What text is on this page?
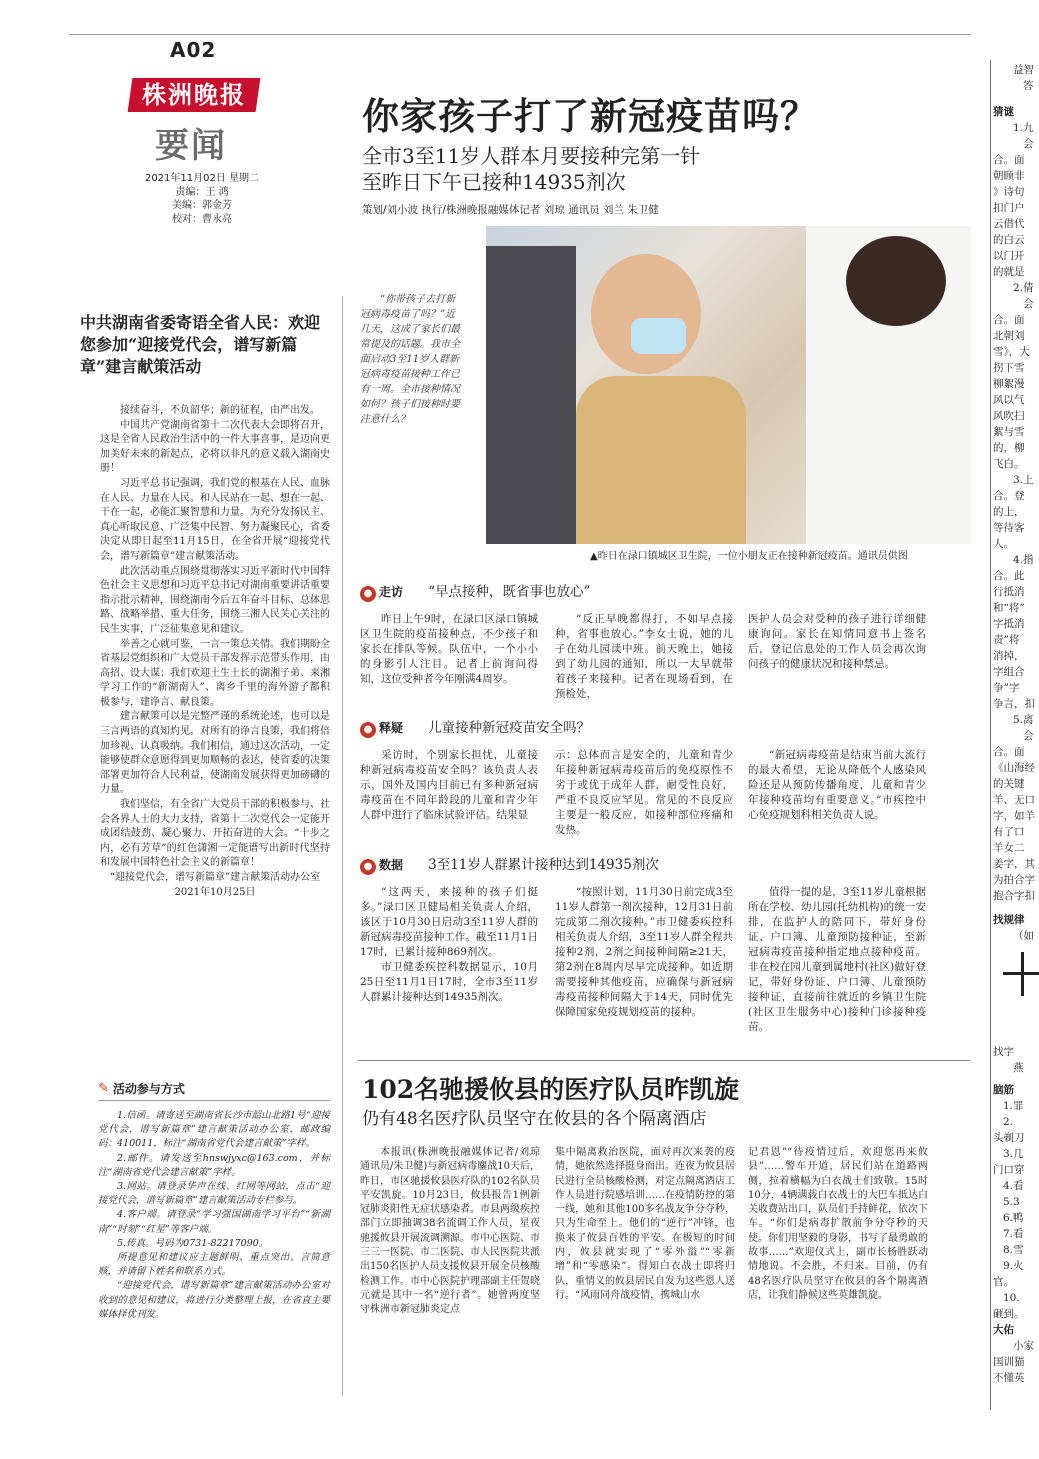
A02
株洲晚报
要闻
2021年11月02日 星期二
责编：王 鸿
美编：郭金芳
校对：曹永亮
你家孩子打了新冠疫苗吗？
全市3至11岁人群本月要接种完第一针
至昨日下午已接种14935剂次
策划/刘小波 执行/株洲晚报融媒体记者 刘琼 通讯员 刘兰 朱卫健
“你带孩子去打新冠病毒疫苗了吗？”近几天，这成了家长们最常提及的话题。我市全面启动3至11岁人群新冠病毒疫苗接种工作已有一周。全市接种情况如何？孩子们接种时要注意什么？
▲昨日在渌口镇城区卫生院，一位小朋友正在接种新冠疫苗。通讯员供图
● 走访 “早点接种，既省事也放心”

昨日上午9时，在渌口区渌口镇城区卫生院的疫苗接种点，不少孩子和家长在排队等候。队伍中，一个小小的身影引人注目。记者上前询问得知，这位受种者今年刚满4周岁。

“反正早晚都得打，不如早点接种，省事也放心。”李女士说，她的儿子在幼儿园读中班。前天晚上，她接到了幼儿园的通知，所以一大早就带着孩子来接种。记者在现场看到，在预检处，

医护人员会对受种的孩子进行详细健康询问。家长在知情同意书上签名后，登记信息处的工作人员会再次询问孩子的健康状况和接种禁忌。

● 释疑 儿童接种新冠疫苗安全吗？

采访时，个别家长担忧，儿童接种新冠病毒疫苗安全吗？该负责人表示，国外及国内目前已有多种新冠病毒疫苗在不同年龄段的儿童和青少年人群中进行了临床试验评估。结果显

示：总体而言是安全的，儿童和青少年接种新冠病毒疫苗后的免疫原性不劣于或优于成年人群，耐受性良好，严重不良反应罕见。常见的不良反应主要是一般反应，如接种部位疼痛和发热。

“新冠病毒疫苗是结束当前大流行的最大希望，无论从降低个人感染风险还是从预防传播角度，儿童和青少年接种疫苗均有重要意义。”市疾控中心免疫规划科相关负责人说。

● 数据 3至11岁人群累计接种达到14935剂次

“这两天，来接种的孩子们挺多。”渌口区卫健局相关负责人介绍，该区于10月30日启动3至11岁人群的新冠病毒疫苗接种工作。截至11月1日17时，已累计接种869剂次。

市卫健委疾控科数据显示，10月25日至11月1日17时，全市3至11岁人群累计接种达到14935剂次。

“按照计划，11月30日前完成3至11岁人群第一剂次接种，12月31日前完成第二剂次接种。”市卫健委疾控科相关负责人介绍，3至11岁人群全程共接种2剂，2剂之间接种间隔≥21天，第2剂在8周内尽早完成接种。如近期需要接种其他疫苗，应确保与新冠病毒疫苗接种间隔大于14天，同时优先保障国家免疫规划疫苗的接种。

值得一提的是，3至11岁儿童根据所在学校、幼儿园(托幼机构)的统一安排，在监护人的陪同下，带好身份证、户口簿、儿童预防接种证，至新冠病毒疫苗接种指定地点接种疫苗。非在校在园儿童到属地村(社区)做好登记，带好身份证、户口簿、儿童预防接种证，直接前往就近的乡镇卫生院(社区卫生服务中心)接种门诊接种疫苗。

中共湖南省委寄语全省人民：欢迎您参加“迎接党代会，谱写新篇章”建言献策活动

接续奋斗，不负韶华；新的征程，由严出发。

中国共产党湖南省第十二次代表大会即将召开，这是全省人民政治生活中的一件大事喜事，是迈向更加美好未来的新起点，必将以非凡的意义载入湖南史册！

习近平总书记强调，我们党的根基在人民、血脉在人民、力量在人民。和人民站在一起、想在一起、干在一起，必能汇聚智慧和力量。为充分发扬民主、真心听取民意、广泛集中民智、努力凝聚民心，省委决定从即日起至11月15日，在全省开展“迎接党代会，谱写新篇章”建言献策活动。

此次活动重点围绕贯彻落实习近平新时代中国特色社会主义思想和习近平总书记对湖南重要讲话重要指示批示精神，围绕湖南今后五年奋斗目标、总体思路、战略举措、重大任务，围绕三湘人民关心关注的民生实事，广泛征集意见和建议。

举善之心就可鉴，一言一策总关情。我们期盼全省基层党组织和广大党员干部发挥示范带头作用，由高招、设大谋；我们欢迎土生土长的湖湘子弟、来湘学习工作的“新湖南人”、离乡千里的海外游子都积极参与，建诤言、献良策。

建言献策可以是完整严谨的系统论述，也可以是三言两语的真知灼见。对所有的诤言良策，我们将倍加珍视、认真吸纳。我们相信，通过这次活动，一定能够使群众意愿得到更加顺畅的表达，使省委的决策部署更加符合人民利益，使湖南发展获得更加磅礴的力量。

我们坚信，有全省广大党员干部的积极参与、社会各界人士的大力支持，省第十二次党代会一定能开成团结鼓劲、凝心聚力、开拓奋进的大会。“十步之内，必有芳草”的红色潇湘一定能谱写出新时代坚持和发展中国特色社会主义的新篇章！

“迎接党代会，谱写新篇章”建言献策活动办公室

2021年10月25日

✎ 活动参与方式

1.信函。请寄送至湖南省长沙市韶山北路1号“迎接党代会，谱写新篇章”建言献策活动办公室，邮政编码：410011，标注“湖南省党代会建言献策”字样。

2.邮件。请发送至hnswjyxc@163.com，并标注“湖南省党代会建言献策”字样。

3.网站。请登录华声在线、红网等网站，点击“迎接党代会，谱写新篇章”建言献策活动专栏参与。

4.客户端。请登录“学习强国湖南学习平台”“新湖南”“时刻”“红星”等客户端。

5.传真。号码为0731-82217090。

所提意见和建议应主题鲜明、重点突出、言简意赅，并请留下姓名和联系方式。

“迎接党代会，谱写新篇章”建言献策活动办公室对收到的意见和建议，将进行分类整理上报，在省直主要媒体择优刊发。

102名驰援攸县的医疗队员昨凯旋
仍有48名医疗队员坚守在攸县的各个隔离酒店

本报讯(株洲晚报融媒体记者/刘琼 通讯员/朱卫健)与新冠病毒鏖战10天后，昨日，市区驰援攸县医疗队的102名队员平安凯旋。10月23日，攸县报告1例新冠肺炎阳性无症状感染者。市县两级疾控部门立即抽调38名流调工作人员，星夜驰援攸县开展流调溯源。市中心医院、市三三一医院、市二医院、市人民医院共派出150名医护人员支援攸县开展全员核酸检测工作。市中心医院护理部副主任贺晓元就是其中一名“逆行者”。她曾两度坚守株洲市新冠肺炎定点

集中隔离救治医院，面对再次来袭的疫情，她依然选择挺身而出。连夜为攸县居民进行全员核酸检测，对定点隔离酒店工作人员进行院感培训……在疫情防控的第一线，她和其他100多名战友争分夺秒，只为生命至上。他们的“逆行”冲锋，也换来了攸县百姓的平安。在极短的时间内，攸县就实现了“零外溢”“零新增”和“零感染”。得知白衣战士即将归队，重情义的攸县居民自发为这些恩人送行。“风雨同舟战疫情，携城山水

记君恩”“待疫情过后，欢迎您再来攸县”……警车开道，居民们站在道路两侧，拉着横幅为白衣战士们致敬。15时10分，4辆满载白衣战士的大巴车抵达白关收费站出口，队员们手持鲜花，依次下车。“你们是病毒扩散前争分夺秒的天使。你们用坚毅的身影，书写了最勇敢的故事……”欢迎仪式上，副市长杨胜跃动情地说。不会胜，不归来。目前，仍有48名医疗队员坚守在攸县的各个隔离酒店，让我们静候这些英雄凯旋。

益智
答
猜谜
1.九
会
合。面
朝顾非
》诗句
扣门户
云借代
的白云
以门开
的就是
2.倩
会
合。面
北朝刘
雪》，大
拐下雪
柳絮漫
风以气
风吹扫
絮与雪
的，柳
飞白。
3.上
合。登
的上，
等待客
人。
4.指
合。此
行抵消
和“将”
字抵消
责”将
消掉，
字组合
争”字
争言，扣
5.离
会
合。面
《山海经
的关键
羊、无口
字，如羊
有了口
羊女二
姜字，其
为拍合字
抱合字扣
找规律
（如
找字
燕
脑筋
1.罪
2.
头剃刀
3.几
门口穿
4.看
5.3
6.鸭
7.看
8.雪
9.火
官。
10.
砸到。
大佑
小家
国训猫
不懂英
